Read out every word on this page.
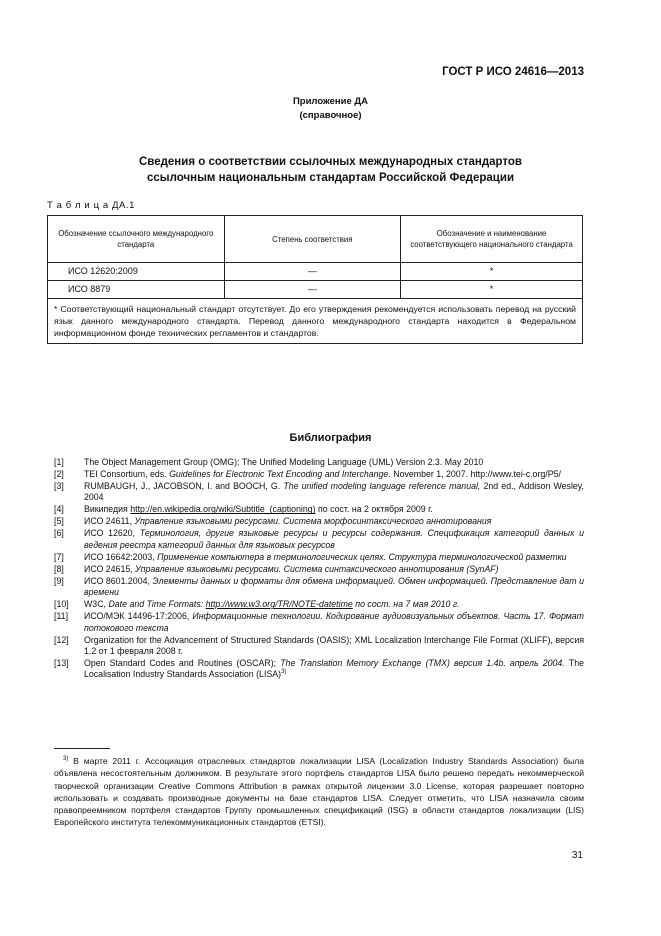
ГОСТ Р ИСО 24616—2013
Приложение ДА
(справочное)
Сведения о соответствии ссылочных международных стандартов
ссылочным национальным стандартам Российской Федерации
Т а б л и ц а ДА.1
Обозначение ссылочного международного стандарта	Степень соответствия	Обозначение и наименование соответствующего национального стандарта
ИСО 12620:2009	—	*
ИСО 8879	—	*
* Соответствующий национальный стандарт отсутствует. До его утверждения рекомендуется использовать перевод на русский язык данного международного стандарта. Перевод данного международного стандарта находится в Федеральном информационном фонде технических регламентов и стандартов.		
Библиография
[1]	The Object Management Group (OMG); The Unified Modeling Language (UML) Version 2.3. May 2010
[2]	TEI Consortium, eds. Guidelines for Electronic Text Encoding and Interchange. November 1, 2007. http://www.tei-c.org/P5/
[3]	RUMBAUGH, J., JACOBSON, I. and BOOCH, G. The unified modeling language reference manual, 2nd ed., Addison Wesley, 2004
[4]	Википедия http://en.wikipedia.org/wiki/Subtitle_(captioning) по сост. на 2 октября 2009 г.
[5]	ИСО 24611, Управление языковыми ресурсами. Система морфосинтаксического аннотирования
[6]	ИСО 12620, Терминология, другие языковые ресурсы и ресурсы содержания. Спецификация категорий данных и ведения реестра категорий данных для языковых ресурсов
[7]	ИСО 16642:2003, Применение компьютера в терминологических целях. Структура терминологической разметки
[8]	ИСО 24615, Управление языковыми ресурсами. Система синтаксического аннотирования (SynAF)
[9]	ИСО 8601.2004, Элементы данных и форматы для обмена информацией. Обмен информацией. Представление дат и времени
[10]	W3C, Date and Time Formats: http://www.w3.org/TR/NOTE-datetime по сост. на 7 мая 2010 г.
[11]	ИСО/МЭК 14496-17:2006, Информационные технологии. Кодирование аудиовизуальных объектов. Часть 17. Формат потокового текста
[12]	Organization for the Advancement of Structured Standards (OASIS); XML Localization Interchange File Format (XLIFF), версия 1.2 от 1 февраля 2008 г.
[13]	Open Standard Codes and Routines (OSCAR); The Translation Memory Exchange (TMX) версия 1.4b. апрель 2004. The Localisation Industry Standards Association (LISA)$^{3)}$
$^{3)}$ В марте 2011 г. Ассоциация отраслевых стандартов локализации LISA (Localization Industry Standards Association) была объявлена несостоятельным должником. В результате этого портфель стандартов LISA было решено передать некоммерческой творческой организации Creative Commons Attribution в рамках открытой лицензии 3.0 License, которая разрешает повторно использовать и создавать производные документы на базе стандартов LISA. Следует отметить, что LISA назначила своим правопреемником портфеля стандартов Группу промышленных спецификаций (ISG) в области стандартов локализации (LIS) Европейского института телекоммуникационных стандартов (ETSI).
31
